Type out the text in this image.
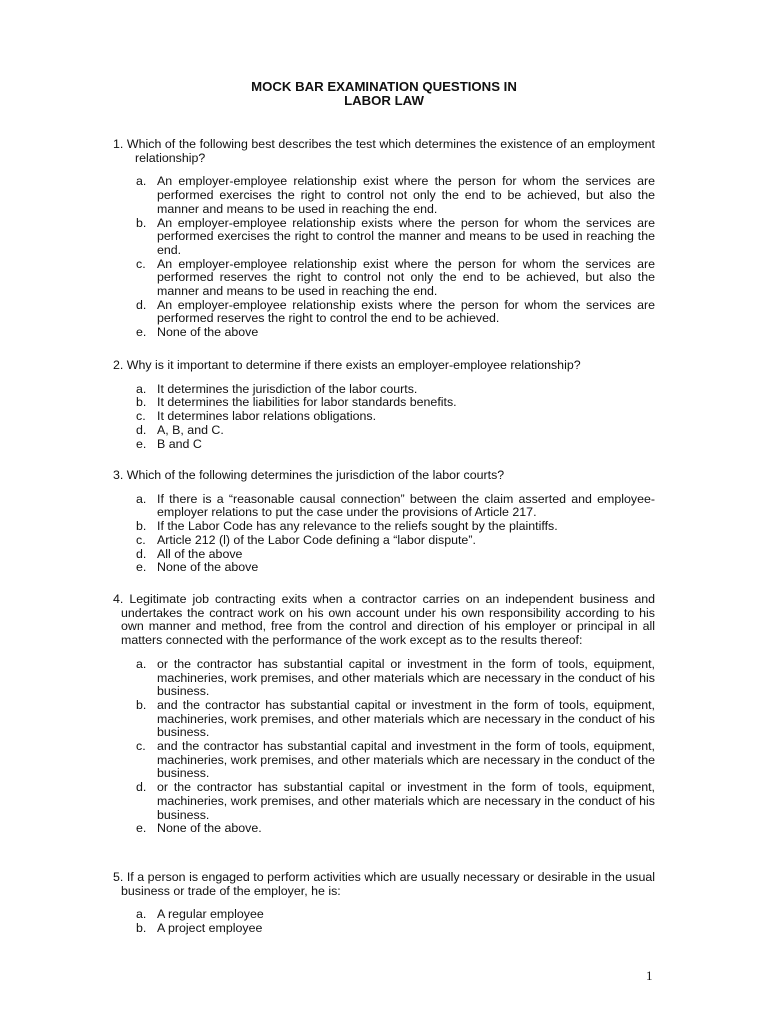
MOCK BAR EXAMINATION QUESTIONS IN
LABOR LAW
1. Which of the following best describes the test which determines the existence of an employment relationship?
a. An employer-employee relationship exist where the person for whom the services are performed exercises the right to control not only the end to be achieved, but also the manner and means to be used in reaching the end.
b. An employer-employee relationship exists where the person for whom the services are performed exercises the right to control the manner and means to be used in reaching the end.
c. An employer-employee relationship exist where the person for whom the services are performed reserves the right to control not only the end to be achieved, but also the manner and means to be used in reaching the end.
d. An employer-employee relationship exists where the person for whom the services are performed reserves the right to control the end to be achieved.
e. None of the above
2. Why is it important to determine if there exists an employer-employee relationship?
a. It determines the jurisdiction of the labor courts.
b. It determines the liabilities for labor standards benefits.
c. It determines labor relations obligations.
d. A, B, and C.
e. B and C
3. Which of the following determines the jurisdiction of the labor courts?
a. If there is a “reasonable causal connection” between the claim asserted and employee-employer relations to put the case under the provisions of Article 217.
b. If the Labor Code has any relevance to the reliefs sought by the plaintiffs.
c. Article 212 (l) of the Labor Code defining a “labor dispute”.
d. All of the above
e. None of the above
4. Legitimate job contracting exits when a contractor carries on an independent business and undertakes the contract work on his own account under his own responsibility according to his own manner and method, free from the control and direction of his employer or principal in all matters connected with the performance of the work except as to the results thereof:
a. or the contractor has substantial capital or investment in the form of tools, equipment, machineries, work premises, and other materials which are necessary in the conduct of his business.
b. and the contractor has substantial capital or investment in the form of tools, equipment, machineries, work premises, and other materials which are necessary in the conduct of his business.
c. and the contractor has substantial capital and investment in the form of tools, equipment, machineries, work premises, and other materials which are necessary in the conduct of the business.
d. or the contractor has substantial capital or investment in the form of tools, equipment, machineries, work premises, and other materials which are necessary in the conduct of his business.
e. None of the above.
5. If a person is engaged to perform activities which are usually necessary or desirable in the usual business or trade of the employer, he is:
a. A regular employee
b. A project employee
1
